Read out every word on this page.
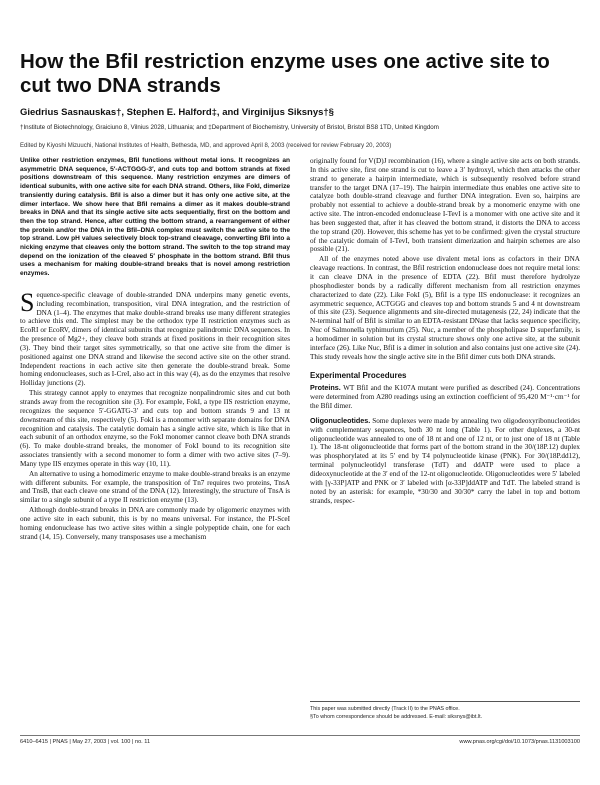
How the BfiI restriction enzyme uses one active site to cut two DNA strands
Giedrius Sasnauskas†, Stephen E. Halford‡, and Virginijus Siksnys†§
†Institute of Biotechnology, Graiciuno 8, Vilnius 2028, Lithuania; and ‡Department of Biochemistry, University of Bristol, Bristol BS8 1TD, United Kingdom
Edited by Kiyoshi Mizuuchi, National Institutes of Health, Bethesda, MD, and approved April 8, 2003 (received for review February 20, 2003)

Unlike other restriction enzymes, BfiI functions without metal ions. It recognizes an asymmetric DNA sequence, 5′-ACTGGG-3′, and cuts top and bottom strands at fixed positions downstream of this sequence. Many restriction enzymes are dimers of identical subunits, with one active site for each DNA strand. Others, like FokI, dimerize transiently during catalysis. BfiI is also a dimer but it has only one active site, at the dimer interface. We show here that BfiI remains a dimer as it makes double-strand breaks in DNA and that its single active site acts sequentially, first on the bottom and then the top strand. Hence, after cutting the bottom strand, a rearrangement of either the protein and/or the DNA in the BfiI–DNA complex must switch the active site to the top strand. Low pH values selectively block top-strand cleavage, converting BfiI into a nicking enzyme that cleaves only the bottom strand. The switch to the top strand may depend on the ionization of the cleaved 5′ phosphate in the bottom strand. BfiI thus uses a mechanism for making double-strand breaks that is novel among restriction enzymes.

Sequence-specific cleavage of double-stranded DNA underpins many genetic events, including recombination, transposition, viral DNA integration, and the restriction of DNA (1–4). The enzymes that make double-strand breaks use many different strategies to achieve this end. The simplest may be the orthodox type II restriction enzymes such as EcoRI or EcoRV, dimers of identical subunits that recognize palindromic DNA sequences. In the presence of Mg2+, they cleave both strands at fixed positions in their recognition sites (3). They bind their target sites symmetrically, so that one active site from the dimer is positioned against one DNA strand and likewise the second active site on the other strand. Independent reactions in each active site then generate the double-strand break. Some homing endonucleases, such as I-CreI, also act in this way (4), as do the enzymes that resolve Holliday junctions (2).

This strategy cannot apply to enzymes that recognize nonpalindromic sites and cut both strands away from the recognition site (3). For example, FokI, a type IIS restriction enzyme, recognizes the sequence 5′-GGATG-3′ and cuts top and bottom strands 9 and 13 nt downstream of this site, respectively (5). FokI is a monomer with separate domains for DNA recognition and catalysis. The catalytic domain has a single active site, which is like that in each subunit of an orthodox enzyme, so the FokI monomer cannot cleave both DNA strands (6). To make double-strand breaks, the monomer of FokI bound to its recognition site associates transiently with a second monomer to form a dimer with two active sites (7–9). Many type IIS enzymes operate in this way (10, 11).

An alternative to using a homodimeric enzyme to make double-strand breaks is an enzyme with different subunits. For example, the transposition of Tn7 requires two proteins, TnsA and TnsB, that each cleave one strand of the DNA (12). Interestingly, the structure of TnsA is similar to a single subunit of a type II restriction enzyme (13).

Although double-strand breaks in DNA are commonly made by oligomeric enzymes with one active site in each subunit, this is by no means universal. For instance, the PI-SceI homing endonuclease has two active sites within a single polypeptide chain, one for each strand (14, 15). Conversely, many transposases use a mechanism

originally found for V(D)J recombination (16), where a single active site acts on both strands. In this active site, first one strand is cut to leave a 3′ hydroxyl, which then attacks the other strand to generate a hairpin intermediate, which is subsequently resolved before strand transfer to the target DNA (17–19). The hairpin intermediate thus enables one active site to catalyze both double-strand cleavage and further DNA integration. Even so, hairpins are probably not essential to achieve a double-strand break by a monomeric enzyme with one active site. The intron-encoded endonuclease I-TevI is a monomer with one active site and it has been suggested that, after it has cleaved the bottom strand, it distorts the DNA to access the top strand (20). However, this scheme has yet to be confirmed: given the crystal structure of the catalytic domain of I-TevI, both transient dimerization and hairpin schemes are also possible (21).

All of the enzymes noted above use divalent metal ions as cofactors in their DNA cleavage reactions. In contrast, the BfiI restriction endonuclease does not require metal ions: it can cleave DNA in the presence of EDTA (22). BfiI must therefore hydrolyze phosphodiester bonds by a radically different mechanism from all restriction enzymes characterized to date (22). Like FokI (5), BfiI is a type IIS endonuclease: it recognizes an asymmetric sequence, ACTGGG and cleaves top and bottom strands 5 and 4 nt downstream of this site (23). Sequence alignments and site-directed mutagenesis (22, 24) indicate that the N-terminal half of BfiI is similar to an EDTA-resistant DNase that lacks sequence specificity, Nuc of Salmonella typhimurium (25). Nuc, a member of the phospholipase D superfamily, is a homodimer in solution but its crystal structure shows only one active site, at the subunit interface (26). Like Nuc, BfiI is a dimer in solution and also contains just one active site (24). This study reveals how the single active site in the BfiI dimer cuts both DNA strands.

Experimental Procedures

Proteins. WT BfiI and the K107A mutant were purified as described (24). Concentrations were determined from A280 readings using an extinction coefficient of 95,420 M⁻¹·cm⁻¹ for the BfiI dimer.

Oligonucleotides. Some duplexes were made by annealing two oligodeoxyribonucleotides with complementary sequences, both 30 nt long (Table 1). For other duplexes, a 30-nt oligonucleotide was annealed to one of 18 nt and one of 12 nt, or to just one of 18 nt (Table 1). The 18-nt oligonucleotide that forms part of the bottom strand in the 30/(18P.12) duplex was phosphorylated at its 5′ end by T4 polynucleotide kinase (PNK). For 30/(18P.dd12), terminal polynucleotidyl transferase (TdT) and ddATP were used to place a dideoxynucleotide at the 3′ end of the 12-nt oligonucleotide. Oligonucleotides were 5′ labeled with [γ-33P]ATP and PNK or 3′ labeled with [α-33P]ddATP and TdT. The labeled strand is noted by an asterisk: for example, *30/30 and 30/30* carry the label in top and bottom strands, respec-

This paper was submitted directly (Track II) to the PNAS office.
§To whom correspondence should be addressed. E-mail: siksnys@ibt.lt.
6410–6415 | PNAS | May 27, 2003 | vol. 100 | no. 11	www.pnas.org/cgi/doi/10.1073/pnas.1131003100
